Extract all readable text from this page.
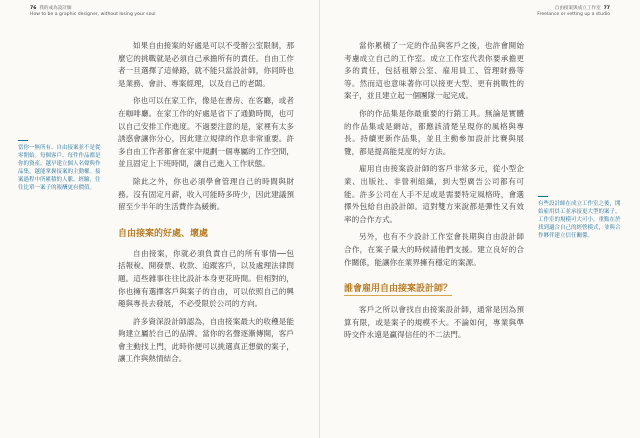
76 我的成為設計師
How to be a graphic designer, without losing your soul
當你一無所有、自由接案並不是從零開始。每個客戶、每件作品都是你的資產。越早建立個人名聲與作品集，越能掌握接案的主動權。接案過程中所累積的人脈、經驗，往往比單一案子的報酬更有價值。

如果自由接案的好處是可以不受辦公室限制，那麼它的挑戰就是必須自己承擔所有的責任。自由工作者一旦選擇了這條路，就不能只當設計師，你同時也是業務、會計、專案經理，以及自己的老闆。

你也可以在家工作，像是在書房、在客廳，或者在咖啡廳。在家工作的好處是省下了通勤時間，也可以自己安排工作進度。不過要注意的是，家裡有太多誘惑會讓你分心，因此建立規律的作息非常重要。許多自由工作者都會在家中規劃一個專屬的工作空間，並且固定上下班時間，讓自己進入工作狀態。

除此之外，你也必須學會管理自己的時間與財務。沒有固定月薪，收入可能時多時少，因此建議預留至少半年的生活費作為緩衝。

自由接案的好處、壞處

自由接案，你就必須負責自己的所有事情──包括報稅、開發票、收款、追蹤客戶，以及處理法律問題。這些雜事往往比設計本身更花時間。但相對的，你也擁有選擇客戶與案子的自由，可以依照自己的興趣與專長去發展，不必受限於公司的方向。

許多資深設計師認為，自由接案最大的收穫是能夠建立屬於自己的品牌。當你的名聲逐漸傳開，客戶會主動找上門，此時你便可以挑選真正想做的案子，讓工作與熱情結合。

自由接案與成立工作室 77
Freelance or setting up a studio

當你累積了一定的作品與客戶之後，也許會開始考慮成立自己的工作室。成立工作室代表你要承擔更多的責任，包括租辦公室、雇用員工、管理財務等等。然而這也意味著你可以接更大型、更有挑戰性的案子，並且建立起一個團隊一起完成。

你的作品集是你最重要的行銷工具。無論是實體的作品集或是網站，都應該清楚呈現你的風格與專長。持續更新作品集，並且主動參加設計比賽與展覽，都是提高能見度的好方法。

雇用自由接案設計師的客戶非常多元，從小型企業、出版社、非營利組織，到大型廣告公司都有可能。許多公司在人手不足或是需要特定風格時，會選擇外包給自由設計師。這對雙方來說都是彈性又有效率的合作方式。

另外，也有不少設計工作室會長期與自由設計師合作，在案子量大的時候請他們支援。建立良好的合作關係，能讓你在業界擁有穩定的案源。

誰會雇用自由接案設計師？

客戶之所以會找自由接案設計師，通常是因為預算有限，或是案子的規模不大。不論如何，專業與準時交件永遠是贏得信任的不二法門。

有些設計師在成立工作室之後，開始雇用員工並承接更大型的案子。工作室的規模可大可小，重點在於找到適合自己的經營模式，並與合作夥伴建立信任關係。
